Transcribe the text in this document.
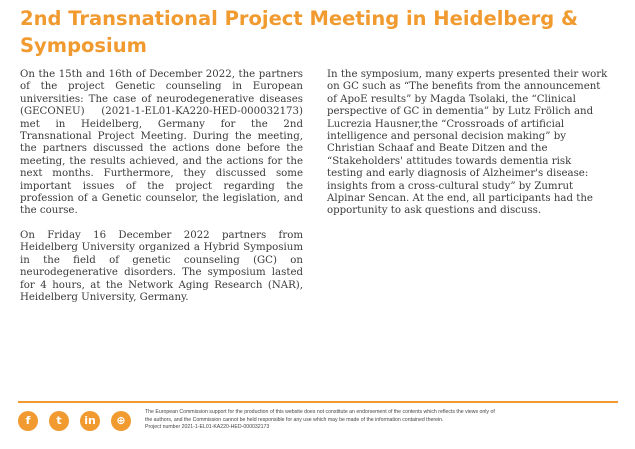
2nd Transnational Project Meeting in Heidelberg & Symposium

On the 15th and 16th of December 2022, the partners of the project Genetic counseling in European universities: The case of neurodegenerative diseases (GECONEU) (2021-1-EL01-KA220-HED-000032173) met in Heidelberg, Germany for the 2nd Transnational Project Meeting. During the meeting, the partners discussed the actions done before the meeting, the results achieved, and the actions for the next months. Furthermore, they discussed some important issues of the project regarding the profession of a Genetic counselor, the legislation, and the course.

On Friday 16 December 2022 partners from Heidelberg University organized a Hybrid Symposium in the field of genetic counseling (GC) on neurodegenerative disorders. The symposium lasted for 4 hours, at the Network Aging Research (NAR), Heidelberg University, Germany.

In the symposium, many experts presented their work on GC such as “The benefits from the announcement of ApoE results” by Magda Tsolaki, the “Clinical perspective of GC in dementia” by Lutz Frölich and Lucrezia Hausner,the “Crossroads of artificial intelligence and personal decision making” by Christian Schaaf and Beate Ditzen and the “Stakeholders' attitudes towards dementia risk testing and early diagnosis of Alzheimer's disease: insights from a cross-cultural study” by Zumrut Alpinar Sencan. At the end, all participants had the opportunity to ask questions and discuss.

f	t	in	⊕
The European Commission support for the production of this website does not constitute an endorsement of the contents which reflects the views only of
the authors, and the Commission cannot be held responsible for any use which may be made of the information contained therein.
Project number 2021-1-EL01-KA220-HED-000032173
